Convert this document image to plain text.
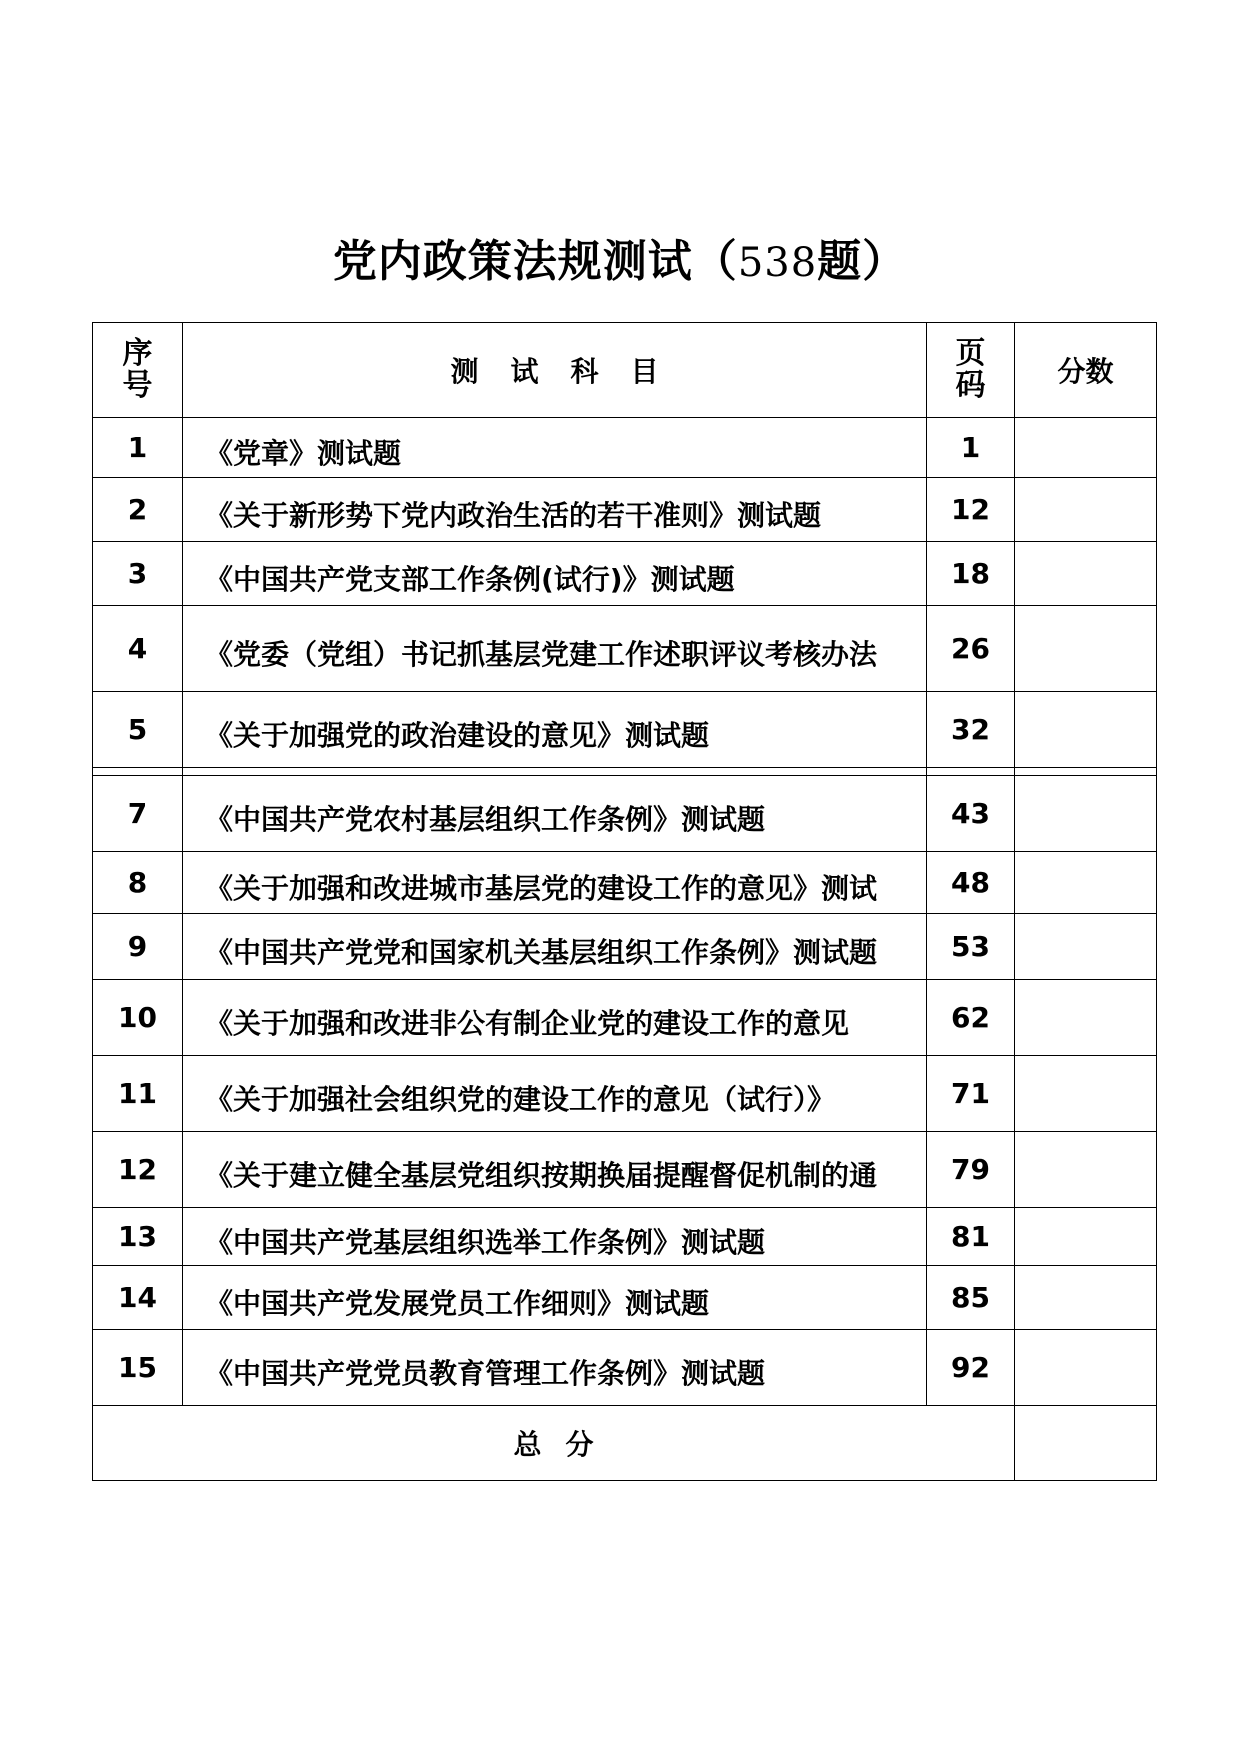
党内政策法规测试（538题）
序号	测试科目	页码	分数

1	《党章》测试题	1	

2	《关于新形势下党内政治生活的若干准则》测试题	12	

3	《中国共产党支部工作条例(试行)》测试题	18	

4	《党委（党组）书记抓基层党建工作述职评议考核办法	26	

5	《关于加强党的政治建设的意见》测试题	32	

7	《中国共产党农村基层组织工作条例》测试题	43	

8	《关于加强和改进城市基层党的建设工作的意见》测试	48	

9	《中国共产党党和国家机关基层组织工作条例》测试题	53	

10	《关于加强和改进非公有制企业党的建设工作的意见	62	

11	《关于加强社会组织党的建设工作的意见（试行）》	71	

12	《关于建立健全基层党组织按期换届提醒督促机制的通	79	

13	《中国共产党基层组织选举工作条例》测试题	81	

14	《中国共产党发展党员工作细则》测试题	85	

15	《中国共产党党员教育管理工作条例》测试题	92	

总分			
